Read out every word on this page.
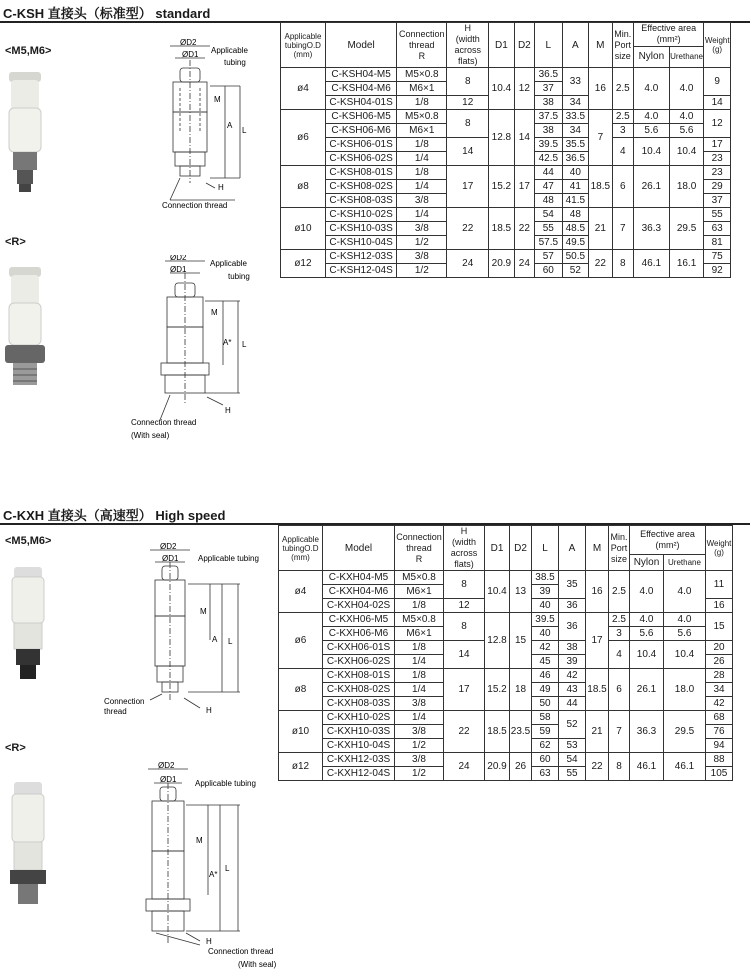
C-KSH 直接头（标准型） standard
<M5,M6>
<R>
ØD2
ØD1 Applicable
tubing
M
A
L
H
Connection thread
ØD2
ØD1
Applicable
tubing
M
A* L
H
Connection thread
(With seal)
Applicable
tubingO.D
(mm)	Model	Connection
thread
R	H
(width
across
flats)	D1	D2	L	A	M	Min.
Port
size	Effective area
(mm²)		Weight
(g)
										Nylon	Urethane	
ø4	C-KSH04-M5	M5×0.8	8	10.4	12	36.5	33	16	2.5	4.0	4.0	9
	C-KSH04-M6	M6×1				37						
	C-KSH04-01S	1/8	12			38	34					14
ø6	C-KSH06-M5	M5×0.8	8	12.8	14	37.5	33.5	7	2.5	4.0	4.0	12
	C-KSH06-M6	M6×1				38	34		3	5.6	5.6	
	C-KSH06-01S	1/8	14			39.5	35.5		4	10.4	10.4	17
	C-KSH06-02S	1/4				42.5	36.5					23
ø8	C-KSH08-01S	1/8	17	15.2	17	44	40	18.5	6	26.1	18.0	23
	C-KSH08-02S	1/4				47	41					29
	C-KSH08-03S	3/8				48	41.5					37
ø10	C-KSH10-02S	1/4	22	18.5	22	54	48	21	7	36.3	29.5	55
	C-KSH10-03S	3/8				55	48.5					63
	C-KSH10-04S	1/2				57.5	49.5					81
ø12	C-KSH12-03S	3/8	24	20.9	24	57	50.5	22	8	46.1	16.1	75
	C-KSH12-04S	1/2				60	52					92
C-KXH 直接头（高速型） High speed
<M5,M6>
<R>
ØD2
ØD1 Applicable tubing
M
A L
H
Connection
thread
ØD2
ØD1 Applicable tubing
M
A*
L
H
Connection thread
(With seal)
Applicable
tubingO.D
(mm)	Model	Connection
thread
R	H
(width
across
flats)	D1	D2	L	A	M	Min.
Port
size	Effective area
(mm²)		Weight
(g)
										Nylon	Urethane	
ø4	C-KXH04-M5	M5×0.8	8	10.4	13	38.5	35	16	2.5	4.0	4.0	11
	C-KXH04-M6	M6×1				39						
	C-KXH04-02S	1/8	12			40	36					16
ø6	C-KXH06-M5	M5×0.8	8	12.8	15	39.5	36	17	2.5	4.0	4.0	15
	C-KXH06-M6	M6×1				40			3	5.6	5.6	
	C-KXH06-01S	1/8	14			42	38		4	10.4	10.4	20
	C-KXH06-02S	1/4				45	39					26
ø8	C-KXH08-01S	1/8	17	15.2	18	46	42	18.5	6	26.1	18.0	28
	C-KXH08-02S	1/4				49	43					34
	C-KXH08-03S	3/8				50	44					42
ø10	C-KXH10-02S	1/4	22	18.5	23.5	58	52	21	7	36.3	29.5	68
	C-KXH10-03S	3/8				59						76
	C-KXH10-04S	1/2				62	53					94
ø12	C-KXH12-03S	3/8	24	20.9	26	60	54	22	8	46.1	46.1	88
	C-KXH12-04S	1/2				63	55					105
